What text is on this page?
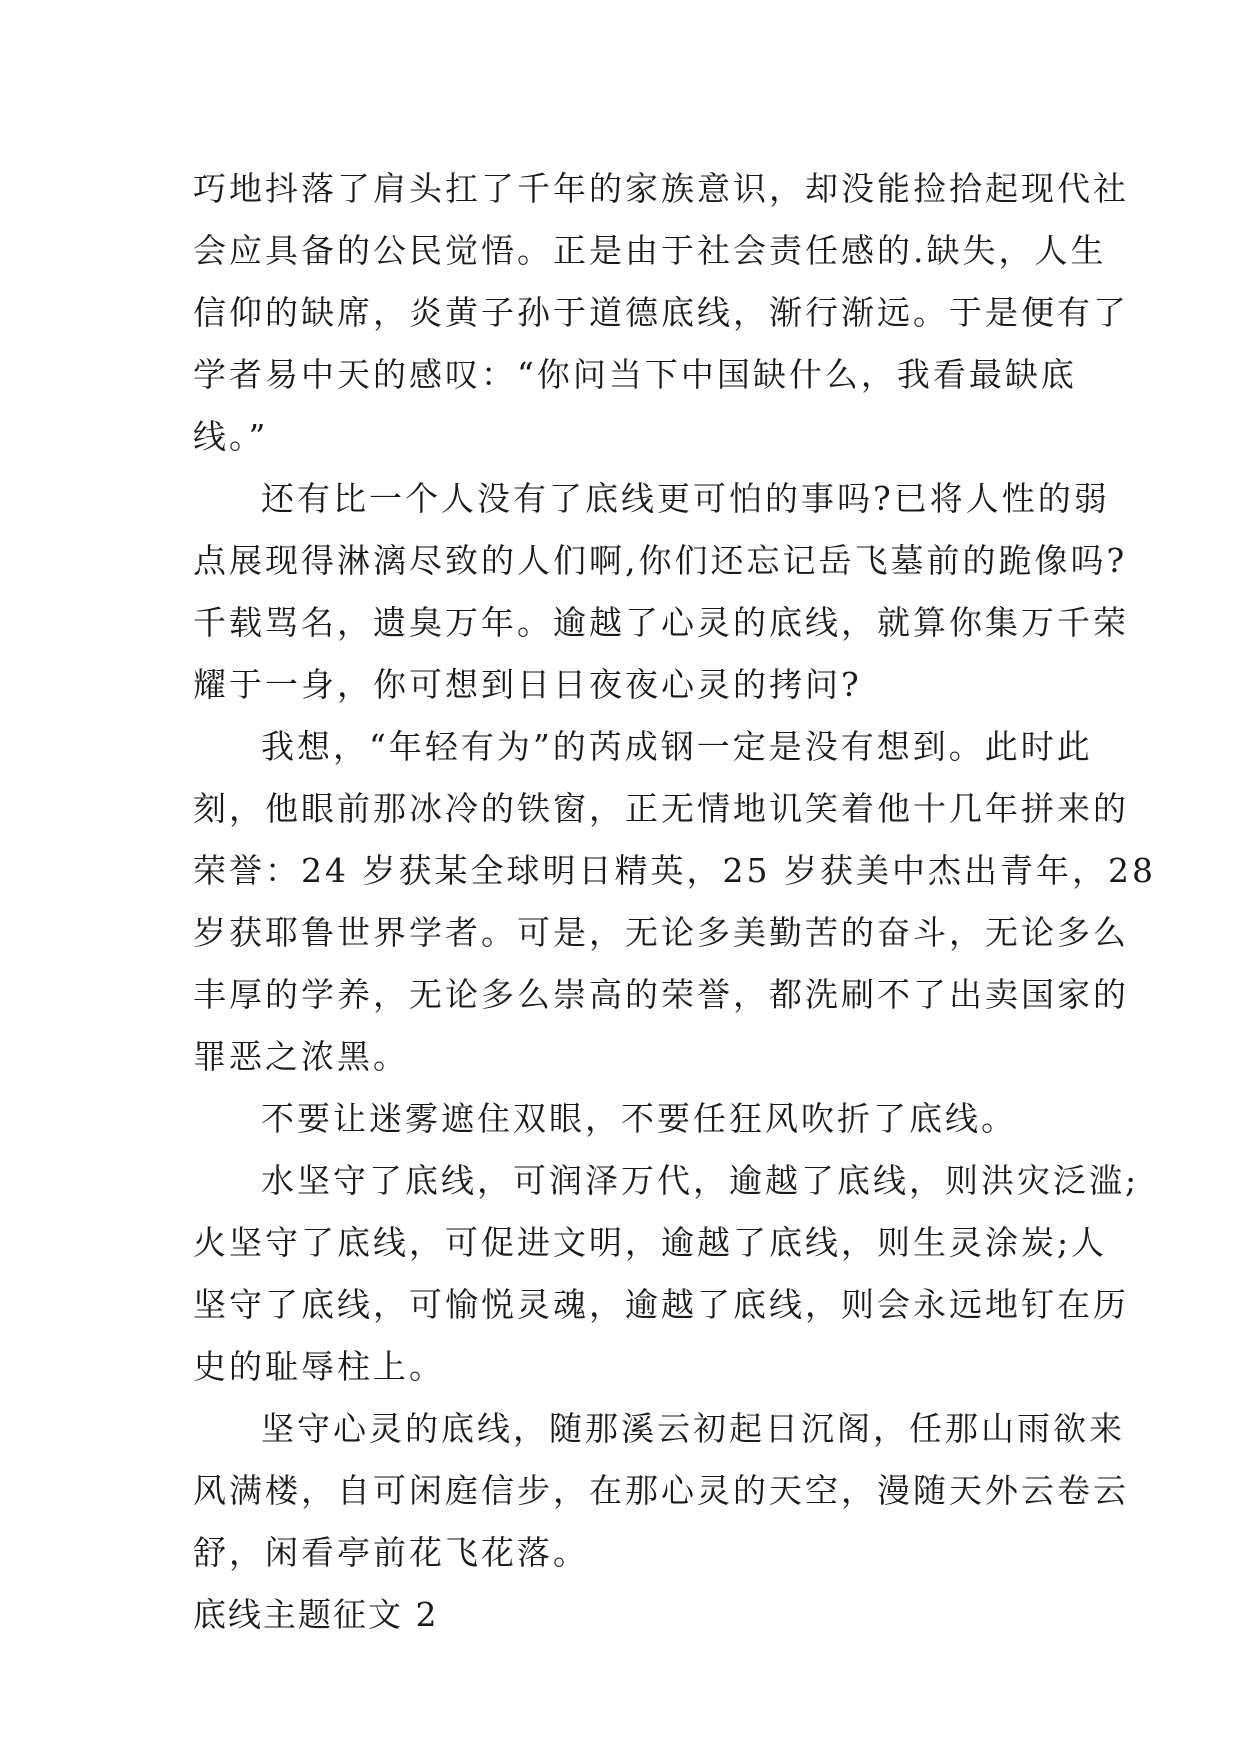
巧地抖落了肩头扛了千年的家族意识，却没能捡拾起现代社
会应具备的公民觉悟。正是由于社会责任感的.缺失，人生
信仰的缺席，炎黄子孙于道德底线，渐行渐远。于是便有了
学者易中天的感叹：“你问当下中国缺什么，我看最缺底
线。”
还有比一个人没有了底线更可怕的事吗?已将人性的弱
点展现得淋漓尽致的人们啊,你们还忘记岳飞墓前的跪像吗?
千载骂名，遗臭万年。逾越了心灵的底线，就算你集万千荣
耀于一身，你可想到日日夜夜心灵的拷问?
我想，“年轻有为”的芮成钢一定是没有想到。此时此
刻，他眼前那冰冷的铁窗，正无情地讥笑着他十几年拼来的
荣誉：24 岁获某全球明日精英，25 岁获美中杰出青年，28
岁获耶鲁世界学者。可是，无论多美勤苦的奋斗，无论多么
丰厚的学养，无论多么崇高的荣誉，都洗刷不了出卖国家的
罪恶之浓黑。
不要让迷雾遮住双眼，不要任狂风吹折了底线。
水坚守了底线，可润泽万代，逾越了底线，则洪灾泛滥;
火坚守了底线，可促进文明，逾越了底线，则生灵涂炭;人
坚守了底线，可愉悦灵魂，逾越了底线，则会永远地钉在历
史的耻辱柱上。
坚守心灵的底线，随那溪云初起日沉阁，任那山雨欲来
风满楼，自可闲庭信步，在那心灵的天空，漫随天外云卷云
舒，闲看亭前花飞花落。
底线主题征文 2
